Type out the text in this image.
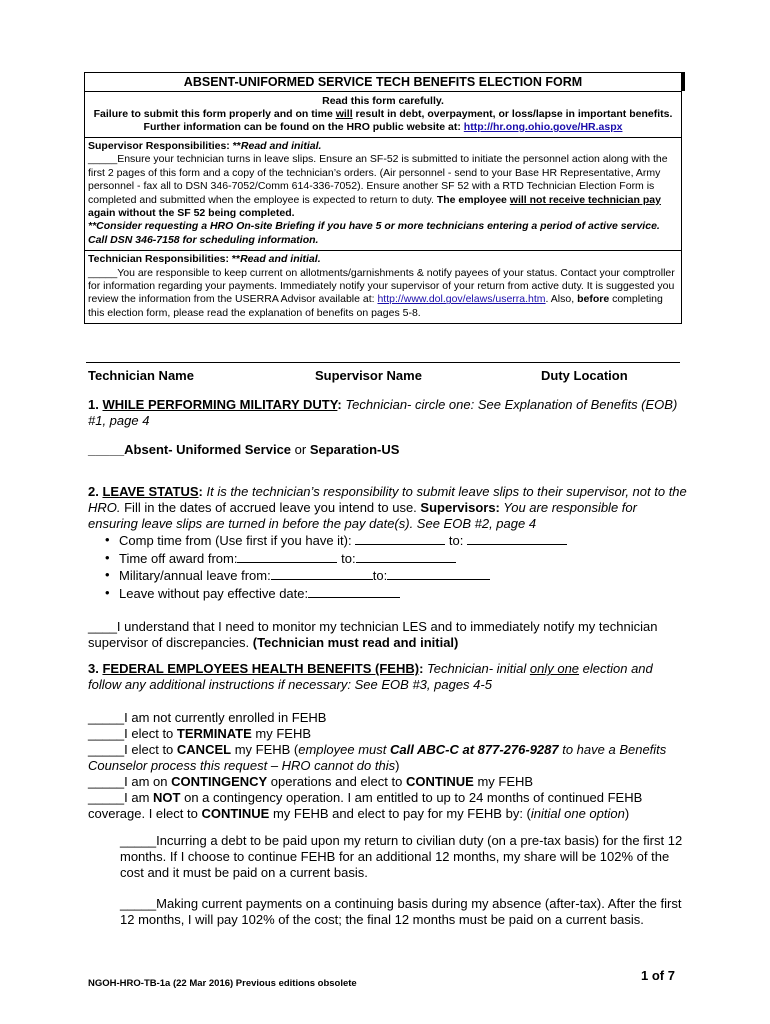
ABSENT-UNIFORMED SERVICE TECH BENEFITS ELECTION FORM
Read this form carefully.
Failure to submit this form properly and on time will result in debt, overpayment, or loss/lapse in important benefits. Further information can be found on the HRO public website at: http://hr.ong.ohio.gove/HR.aspx
Supervisor Responsibilities: **Read and initial.
_____Ensure your technician turns in leave slips. Ensure an SF-52 is submitted to initiate the personnel action along with the first 2 pages of this form and a copy of the technician’s orders. (Air personnel - send to your Base HR Representative, Army personnel - fax all to DSN 346-7052/Comm 614-336-7052). Ensure another SF 52 with a RTD Technician Election Form is completed and submitted when the employee is expected to return to duty. The employee will not receive technician pay again without the SF 52 being completed.
**Consider requesting a HRO On-site Briefing if you have 5 or more technicians entering a period of active service. Call DSN 346-7158 for scheduling information.
Technician Responsibilities: **Read and initial.
_____You are responsible to keep current on allotments/garnishments & notify payees of your status. Contact your comptroller for information regarding your payments. Immediately notify your supervisor of your return from active duty. It is suggested you review the information from the USERRA Advisor available at: http://www.dol.gov/elaws/userra.htm. Also, before completing this election form, please read the explanation of benefits on pages 5-8.
Technician Name	Supervisor Name	Duty Location

1. WHILE PERFORMING MILITARY DUTY: Technician- circle one: See Explanation of Benefits (EOB) #1, page 4

_____Absent- Uniformed Service or Separation-US

2. LEAVE STATUS: It is the technician’s responsibility to submit leave slips to their supervisor, not to the HRO. Fill in the dates of accrued leave you intend to use. Supervisors: You are responsible for ensuring leave slips are turned in before the pay date(s). See EOB #2, page 4

• Comp time from (Use first if you have it):	to:
• Time off award from:	to:
• Military/annual leave from:	to:
• Leave without pay effective date:

____I understand that I need to monitor my technician LES and to immediately notify my technician supervisor of discrepancies. (Technician must read and initial)

3. FEDERAL EMPLOYEES HEALTH BENEFITS (FEHB): Technician- initial only one election and follow any additional instructions if necessary: See EOB #3, pages 4-5

_____I am not currently enrolled in FEHB

_____I elect to TERMINATE my FEHB

_____I elect to CANCEL my FEHB (employee must Call ABC-C at 877-276-9287 to have a Benefits Counselor process this request – HRO cannot do this)

_____I am on CONTINGENCY operations and elect to CONTINUE my FEHB

_____I am NOT on a contingency operation. I am entitled to up to 24 months of continued FEHB coverage. I elect to CONTINUE my FEHB and elect to pay for my FEHB by: (initial one option)

_____Incurring a debt to be paid upon my return to civilian duty (on a pre-tax basis) for the first 12 months. If I choose to continue FEHB for an additional 12 months, my share will be 102% of the cost and it must be paid on a current basis.
_____Making current payments on a continuing basis during my absence (after-tax). After the first 12 months, I will pay 102% of the cost; the final 12 months must be paid on a current basis.
1 of 7
NGOH-HRO-TB-1a (22 Mar 2016) Previous editions obsolete
